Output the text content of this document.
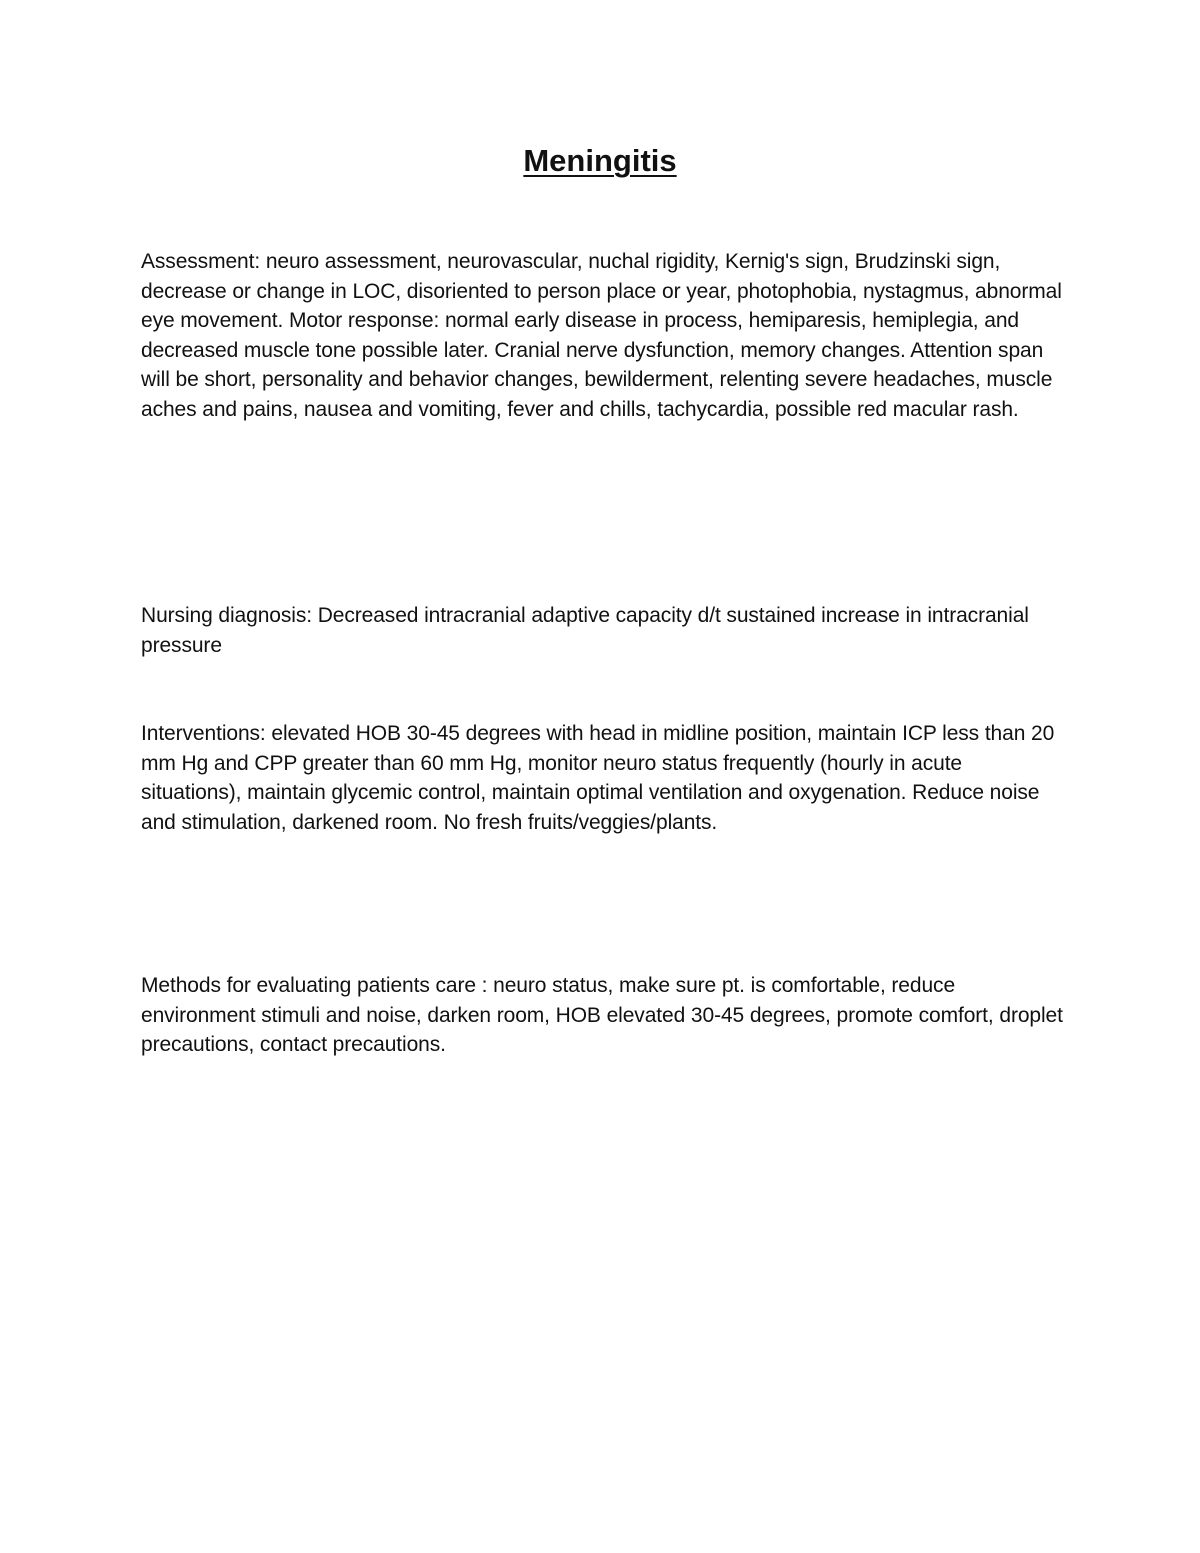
Meningitis

Assessment: neuro assessment, neurovascular, nuchal rigidity, Kernig's sign, Brudzinski sign, decrease or change in LOC, disoriented to person place or year, photophobia, nystagmus, abnormal eye movement. Motor response: normal early disease in process, hemiparesis, hemiplegia, and decreased muscle tone possible later. Cranial nerve dysfunction, memory changes. Attention span will be short, personality and behavior changes, bewilderment, relenting severe headaches, muscle aches and pains, nausea and vomiting, fever and chills, tachycardia, possible red macular rash.

Nursing diagnosis: Decreased intracranial adaptive capacity d/t sustained increase in intracranial pressure

Interventions: elevated HOB 30-45 degrees with head in midline position, maintain ICP less than 20 mm Hg and CPP greater than 60 mm Hg, monitor neuro status frequently (hourly in acute situations), maintain glycemic control, maintain optimal ventilation and oxygenation. Reduce noise and stimulation, darkened room. No fresh fruits/veggies/plants.

Methods for evaluating patients care : neuro status, make sure pt. is comfortable, reduce environment stimuli and noise, darken room, HOB elevated 30-45 degrees, promote comfort, droplet precautions, contact precautions.
